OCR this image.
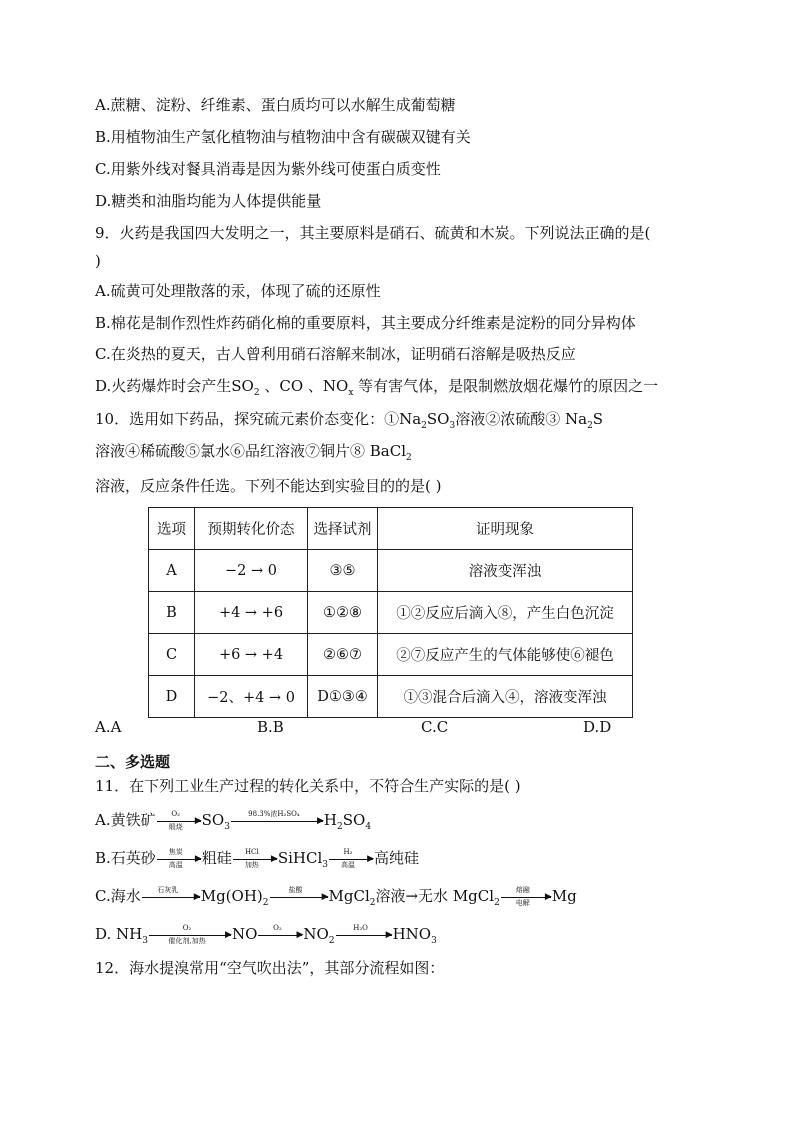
A.蔗糖、淀粉、纤维素、蛋白质均可以水解生成葡萄糖
B.用植物油生产氢化植物油与植物油中含有碳碳双键有关
C.用紫外线对餐具消毒是因为紫外线可使蛋白质变性
D.糖类和油脂均能为人体提供能量
9．火药是我国四大发明之一，其主要原料是硝石、硫黄和木炭。下列说法正确的是(
)
A.硫黄可处理散落的汞，体现了硫的还原性
B.棉花是制作烈性炸药硝化棉的重要原料，其主要成分纤维素是淀粉的同分异构体
C.在炎热的夏天，古人曾利用硝石溶解来制冰，证明硝石溶解是吸热反应
D.火药爆炸时会产生$SO_2$ 、CO 、$NO_x$ 等有害气体，是限制燃放烟花爆竹的原因之一
10．选用如下药品，探究硫元素价态变化：$①Na_2SO_3$溶液②浓硫酸③ $Na_2S$
溶液④稀硫酸⑤氯水⑥品红溶液⑦铜片⑧ BaCl$_2$
溶液，反应条件任选。下列不能达到实验目的的是( )
选项	预期转化价态	选择试剂	证明现象
A	−2 → 0	③⑤	溶液变浑浊
B	+4 → +6	①②⑧	①②反应后滴入⑧，产生白色沉淀
C	+6 → +4	②⑥⑦	②⑦反应产生的气体能够使⑥褪色
D	−2、+4 → 0	D①③④	①③混合后滴入④，溶液变浑浊
A.A	B.B	C.C	D.D
二、多选题
11．在下列工业生产过程的转化关系中，不符合生产实际的是( )
A.黄铁矿	O₂
▶
煅烧	$SO_3$
98.3%浓H₂SO₄
▶ $H_2SO_4$
B.石英砂	焦炭
▶
高温	粗硅	HCl
▶
加热	SiHCl$_3$
H₂
▶
高温	高纯硅
C.海水	石灰乳
▶ $Mg(OH)_2$
盐酸
▶ MgCl$_2$溶液→无水 MgCl$_2$
熔融
▶
电解	Mg
D. $NH_3$
O₂
▶
催化剂,加热	NO	O₂
▶ $NO_2$
H₂O
▶ $HNO_3$
12．海水提溴常用“空气吹出法”，其部分流程如图：
